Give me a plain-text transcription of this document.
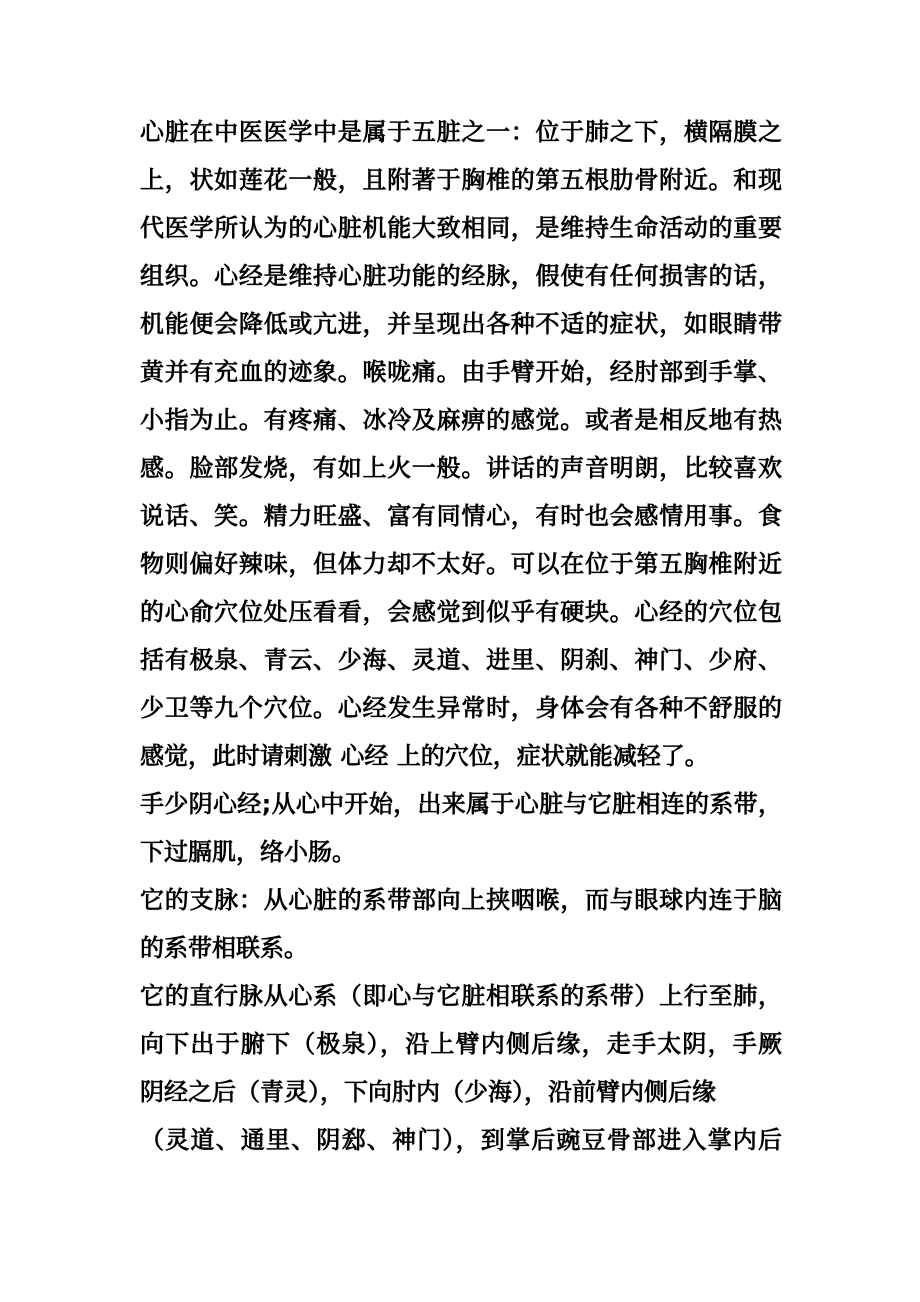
心脏在中医医学中是属于五脏之一：位于肺之下，横隔膜之
上，状如莲花一般，且附著于胸椎的第五根肋骨附近。和现
代医学所认为的心脏机能大致相同，是维持生命活动的重要
组织。心经是维持心脏功能的经脉，假使有任何损害的话，
机能便会降低或亢进，并呈现出各种不适的症状，如眼睛带
黄并有充血的迹象。喉咙痛。由手臂开始，经肘部到手掌、
小指为止。有疼痛、冰冷及麻痹的感觉。或者是相反地有热
感。脸部发烧，有如上火一般。讲话的声音明朗，比较喜欢
说话、笑。精力旺盛、富有同情心，有时也会感情用事。食
物则偏好辣味，但体力却不太好。可以在位于第五胸椎附近
的心俞穴位处压看看，会感觉到似乎有硬块。心经的穴位包
括有极泉、青云、少海、灵道、进里、阴刹、神门、少府、
少卫等九个穴位。心经发生异常时，身体会有各种不舒服的
感觉，此时请刺激 心经 上的穴位，症状就能减轻了。
手少阴心经;从心中开始，出来属于心脏与它脏相连的系带，
下过膈肌，络小肠。
它的支脉：从心脏的系带部向上挟咽喉，而与眼球内连于脑
的系带相联系。
它的直行脉从心系（即心与它脏相联系的系带）上行至肺，
向下出于腑下（极泉），沿上臂内侧后缘，走手太阴，手厥
阴经之后（青灵），下向肘内（少海），沿前臂内侧后缘
（灵道、通里、阴郄、神门），到掌后豌豆骨部进入掌内后
